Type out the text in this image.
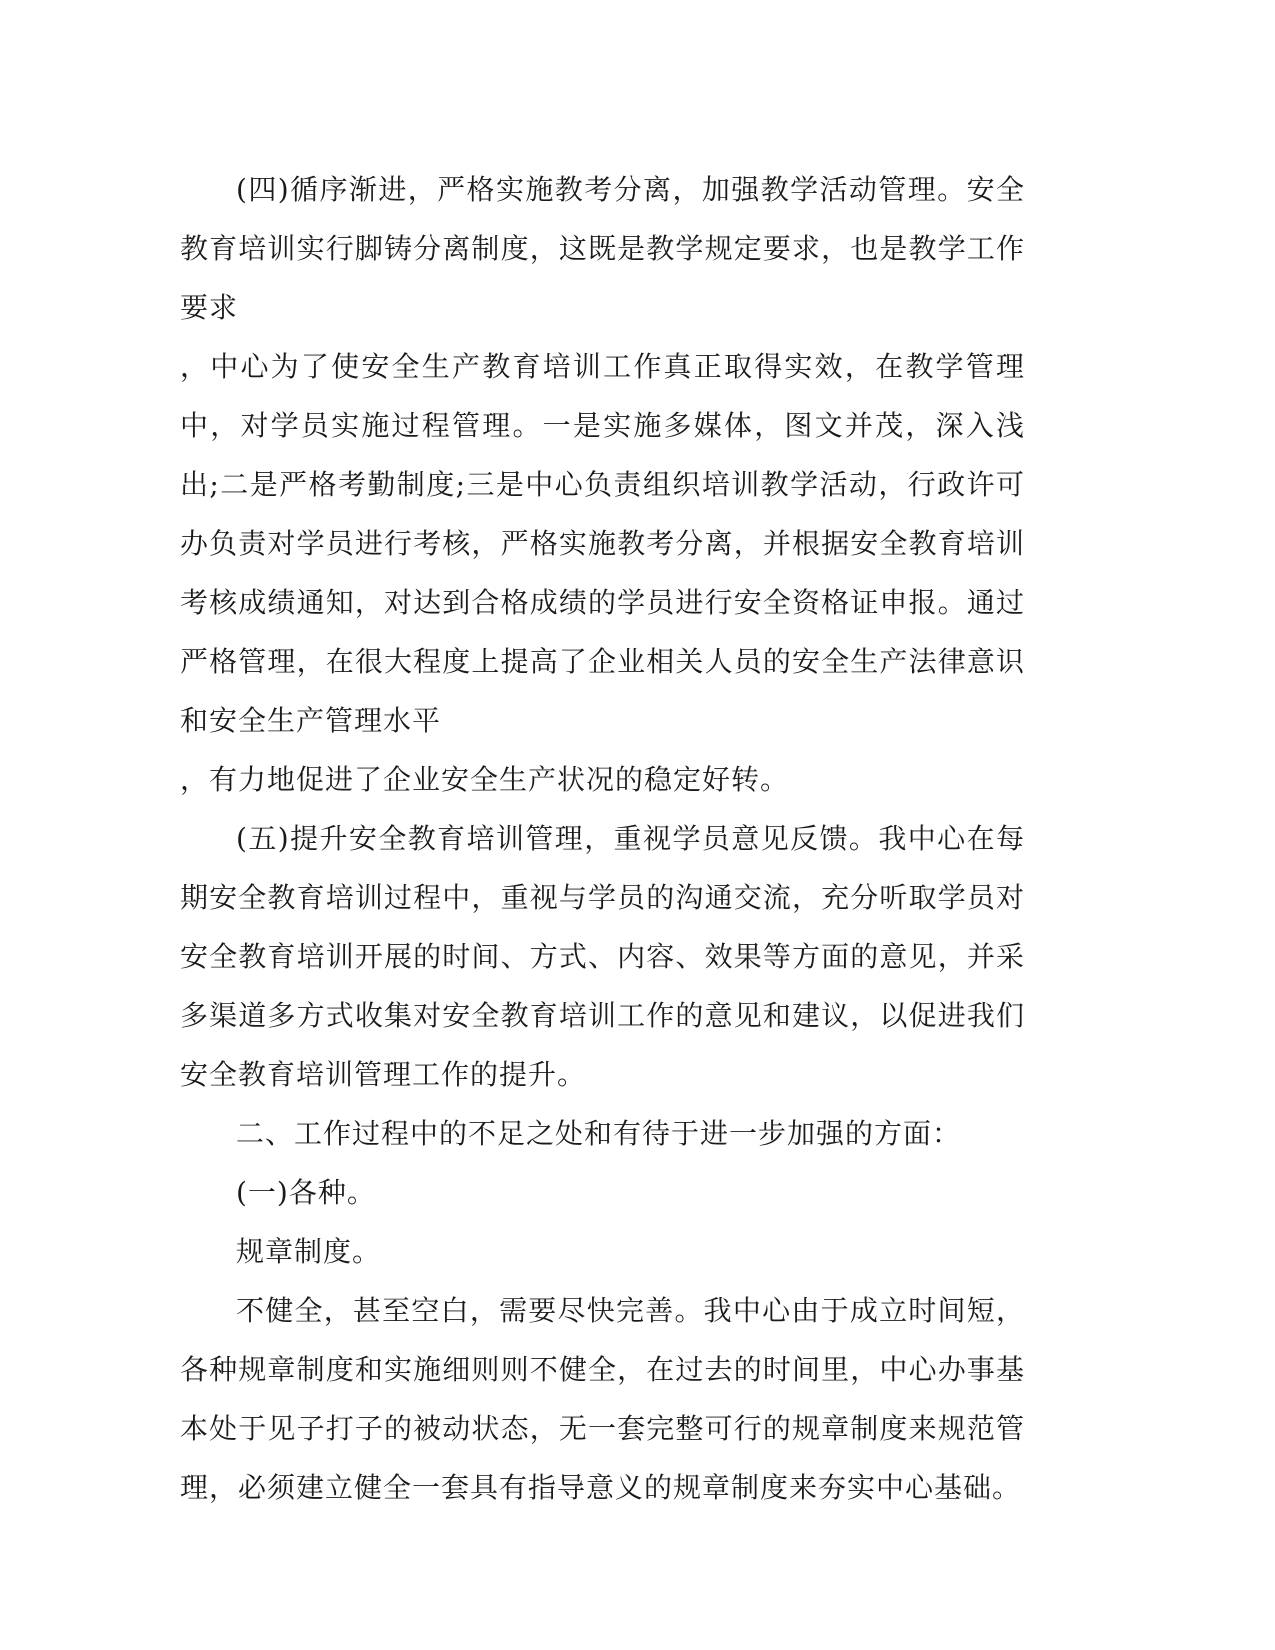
(四)循序渐进，严格实施教考分离，加强教学活动管理。安全教育培训实行脚铸分离制度，这既是教学规定要求，也是教学工作要求
，中心为了使安全生产教育培训工作真正取得实效，在教学管理中，对学员实施过程管理。一是实施多媒体，图文并茂，深入浅出;二是严格考勤制度;三是中心负责组织培训教学活动，行政许可办负责对学员进行考核，严格实施教考分离，并根据安全教育培训考核成绩通知，对达到合格成绩的学员进行安全资格证申报。通过严格管理，在很大程度上提高了企业相关人员的安全生产法律意识和安全生产管理水平
，有力地促进了企业安全生产状况的稳定好转。

(五)提升安全教育培训管理，重视学员意见反馈。我中心在每期安全教育培训过程中，重视与学员的沟通交流，充分听取学员对安全教育培训开展的时间、方式、内容、效果等方面的意见，并采多渠道多方式收集对安全教育培训工作的意见和建议，以促进我们安全教育培训管理工作的提升。

二、工作过程中的不足之处和有待于进一步加强的方面：

(一)各种。

规章制度。

不健全，甚至空白，需要尽快完善。我中心由于成立时间短，各种规章制度和实施细则则不健全，在过去的时间里，中心办事基本处于见子打子的被动状态，无一套完整可行的规章制度来规范管理，必须建立健全一套具有指导意义的规章制度来夯实中心基础。
